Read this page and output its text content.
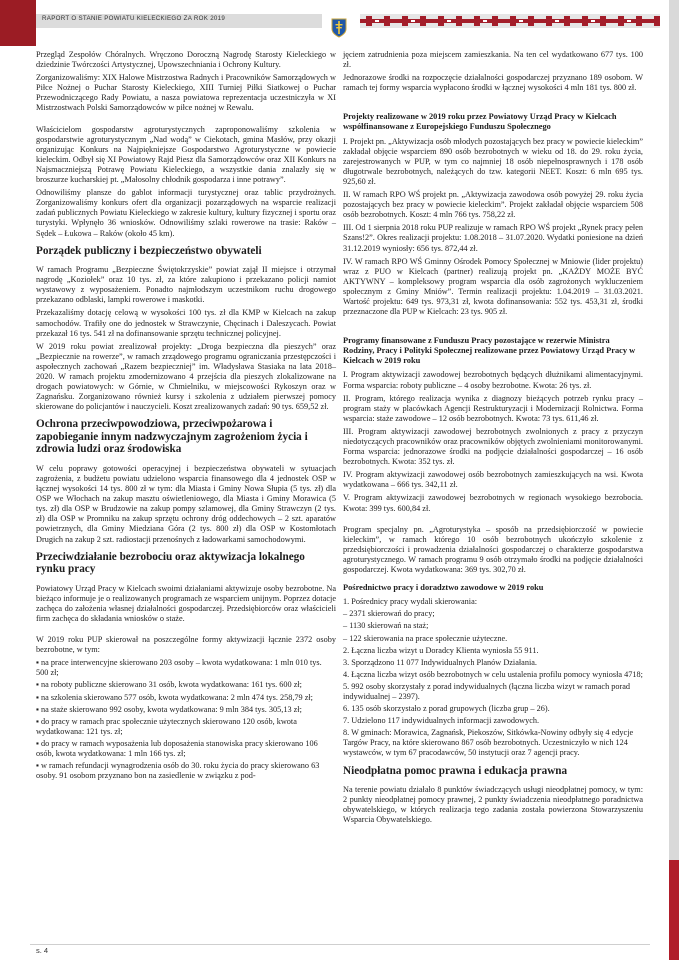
RAPORT O STANIE POWIATU KIELECKIEGO ZA ROK 2019

Przegląd Zespołów Chóralnych. Wręczono Doroczną Nagrodę Starosty Kieleckiego w dziedzinie Twórczości Artystycznej, Upowszechniania i Ochrony Kultury.

Zorganizowaliśmy: XIX Halowe Mistrzostwa Radnych i Pracowników Samorządowych w Piłce Nożnej o Puchar Starosty Kieleckiego, XIII Turniej Piłki Siatkowej o Puchar Przewodniczącego Rady Powiatu, a nasza powiatowa reprezentacja uczestniczyła w XI Mistrzostwach Polski Samorządowców w piłce nożnej w Rewalu.

Właścicielom gospodarstw agroturystycznych zaproponowaliśmy szkolenia w gospodarstwie agroturystycznym „Nad wodą” w Ciekotach, gmina Masłów, przy okazji organizując Konkurs na Najpiękniejsze Gospodarstwo Agroturystyczne w powiecie kieleckim. Odbył się XI Powiatowy Rajd Piesz dla Samorządowców oraz XII Konkurs na Najsmaczniejszą Potrawę Powiatu Kieleckiego, a wszystkie dania znalazły się w broszurze kucharskiej pt. „Małosolny chłodnik gospodarza i inne potrawy”.

Odnowiliśmy plansze do gablot informacji turystycznej oraz tablic przydrożnych. Zorganizowaliśmy konkurs ofert dla organizacji pozarządowych na wsparcie realizacji zadań publicznych Powiatu Kieleckiego w zakresie kultury, kultury fizycznej i sportu oraz turystyki. Wpłynęło 36 wniosków. Odnowiliśmy szlaki rowerowe na trasie: Raków – Sędek – Łukowa – Raków (około 45 km).

Porządek publiczny i bezpieczeństwo obywateli

W ramach Programu „Bezpieczne Świętokrzyskie” powiat zajął II miejsce i otrzymał nagrodę „Koziołek” oraz 10 tys. zł, za które zakupiono i przekazano policji namiot wystawowy z wyposażeniem. Ponadto najmłodszym uczestnikom ruchu drogowego przekazano odblaski, lampki rowerowe i maskotki.

Przekazaliśmy dotację celową w wysokości 100 tys. zł dla KMP w Kielcach na zakup samochodów. Trafiły one do jednostek w Strawczynie, Chęcinach i Daleszycach. Powiat przekazał 16 tys. 541 zł na dofinansowanie sprzętu technicznej policyjnej.

W 2019 roku powiat zrealizował projekty: „Droga bezpieczna dla pieszych” oraz „Bezpiecznie na rowerze”, w ramach zrządowego programu ograniczania przestępczości i aspołecznych zachowań „Razem bezpieczniej” im. Władysława Stasiaka na lata 2018–2020. W ramach projektu zmodernizowano 4 przejścia dla pieszych zlokalizowane na drogach powiatowych: w Górnie, w Chmielniku, w miejscowości Rykoszyn oraz w Zagnańsku. Zorganizowano również kursy i szkolenia z udziałem pierwszej pomocy skierowane do policjantów i nauczycieli. Koszt zrealizowanych zadań: 90 tys. 659,52 zł.

Ochrona przeciwpowodziowa, przeciwpożarowa i zapobieganie innym nadzwyczajnym zagrożeniom życia i zdrowia ludzi oraz środowiska

W celu poprawy gotowości operacyjnej i bezpieczeństwa obywateli w sytuacjach zagrożenia, z budżetu powiatu udzielono wsparcia finansowego dla 4 jednostek OSP w łącznej wysokości 14 tys. 800 zł w tym: dla Miasta i Gminy Nowa Słupia (5 tys. zł) dla OSP we Włochach na zakup masztu oświetleniowego, dla Miasta i Gminy Morawica (5 tys. zł) dla OSP w Brudzowie na zakup pompy szlamowej, dla Gminy Strawczyn (2 tys. zł) dla OSP w Promniku na zakup sprzętu ochrony dróg oddechowych – 2 szt. aparatów powietrznych, dla Gminy Miedziana Góra (2 tys. 800 zł) dla OSP w Kostomłotach Drugich na zakup 2 szt. radiostacji przenośnych z ładowarkami samochodowymi.

Przeciwdziałanie bezrobociu oraz aktywizacja lokalnego rynku pracy

Powiatowy Urząd Pracy w Kielcach swoimi działaniami aktywizuje osoby bezrobotne. Na bieżąco informuje je o realizowanych programach ze wsparciem unijnym. Poprzez dotacje zachęca do założenia własnej działalności gospodarczej. Przedsiębiorców oraz właścicieli firm zachęca do składania wniosków o staże.

W 2019 roku PUP skierował na poszczególne formy aktywizacji łącznie 2372 osoby bezrobotne, w tym:

▪ na prace interwencyjne skierowano 203 osoby – kwota wydatkowana: 1 mln 010 tys. 500 zł;
▪ na roboty publiczne skierowano 31 osób, kwota wydatkowana: 161 tys. 600 zł;
▪ na szkolenia skierowano 577 osób, kwota wydatkowana: 2 mln 474 tys. 258,79 zł;
▪ na staże skierowano 992 osoby, kwota wydatkowana: 9 mln 384 tys. 305,13 zł;
▪ do pracy w ramach prac społecznie użytecznych skierowano 120 osób, kwota wydatkowana: 121 tys. zł;
▪ do pracy w ramach wyposażenia lub doposażenia stanowiska pracy skierowano 106 osób, kwota wydatkowana: 1 mln 166 tys. zł;
▪ w ramach refundacji wynagrodzenia osób do 30. roku życia do pracy skierowano 63 osoby. 91 osobom przyznano bon na zasiedlenie w związku z pod-

jęciem zatrudnienia poza miejscem zamieszkania. Na ten cel wydatkowano 677 tys. 100 zł.

Jednorazowe środki na rozpoczęcie działalności gospodarczej przyznano 189 osobom. W ramach tej formy wsparcia wypłacono środki w łącznej wysokości 4 mln 181 tys. 800 zł.

Projekty realizowane w 2019 roku przez Powiatowy Urząd Pracy w Kielcach współfinansowane z Europejskiego Funduszu Społecznego

I. Projekt pn. „Aktywizacja osób młodych pozostających bez pracy w powiecie kieleckim” zakładał objęcie wsparciem 890 osób bezrobotnych w wieku od 18. do 29. roku życia, zarejestrowanych w PUP, w tym co najmniej 18 osób niepełnosprawnych i 178 osób długotrwale bezrobotnych, należących do tzw. kategorii NEET. Koszt: 6 mln 695 tys. 925,60 zł.

II. W ramach RPO WŚ projekt pn. „Aktywizacja zawodowa osób powyżej 29. roku życia pozostających bez pracy w powiecie kieleckim”. Projekt zakładał objęcie wsparciem 508 osób bezrobotnych. Koszt: 4 mln 766 tys. 758,22 zł.

III. Od 1 sierpnia 2018 roku PUP realizuje w ramach RPO WŚ projekt „Rynek pracy pełen Szans!2”. Okres realizacji projektu: 1.08.2018 – 31.07.2020. Wydatki poniesione na dzień 31.12.2019 wyniosły: 656 tys. 872,44 zł.

IV. W ramach RPO WŚ Gminny Ośrodek Pomocy Społecznej w Mniowie (lider projektu) wraz z PUO w Kielcach (partner) realizują projekt pn. „KAŻDY MOŻE BYĆ AKTYWNY – kompleksowy program wsparcia dla osób zagrożonych wykluczeniem społecznym z Gminy Mniów”. Termin realizacji projektu: 1.04.2019 – 31.03.2021. Wartość projektu: 649 tys. 973,31 zł, kwota dofinansowania: 552 tys. 453,31 zł, środki przeznaczone dla PUP w Kielcach: 23 tys. 905 zł.

Programy finansowane z Funduszu Pracy pozostające w rezerwie Ministra Rodziny, Pracy i Polityki Społecznej realizowane przez Powiatowy Urząd Pracy w Kielcach w 2019 roku

I. Program aktywizacji zawodowej bezrobotnych będących dłużnikami alimentacyjnymi. Forma wsparcia: roboty publiczne – 4 osoby bezrobotne. Kwota: 26 tys. zł.

II. Program, którego realizacja wynika z diagnozy bieżących potrzeb rynku pracy – program staży w placówkach Agencji Restrukturyzacji i Modernizacji Rolnictwa. Forma wsparcia: staże zawodowe – 12 osób bezrobotnych. Kwota: 73 tys. 611,46 zł.

III. Program aktywizacji zawodowej bezrobotnych zwolnionych z pracy z przyczyn niedotyczących pracowników oraz pracowników objętych zwolnieniami monitorowanymi. Forma wsparcia: jednorazowe środki na podjęcie działalności gospodarczej – 16 osób bezrobotnych. Kwota: 352 tys. zł.

IV. Program aktywizacji zawodowej osób bezrobotnych zamieszkujących na wsi. Kwota wydatkowana – 666 tys. 342,11 zł.

V. Program aktywizacji zawodowej bezrobotnych w regionach wysokiego bezrobocia. Kwota: 399 tys. 600,84 zł.

Program specjalny pn. „Agroturystyka – sposób na przedsiębiorczość w powiecie kieleckim”, w ramach którego 10 osób bezrobotnych ukończyło szkolenie z przedsiębiorczości i prowadzenia działalności gospodarczej o charakterze gospodarstwa agroturystycznego. W ramach programu 9 osób otrzymało środki na podjęcie działalności gospodarczej. Kwota wydatkowana: 369 tys. 302,70 zł.

Pośrednictwo pracy i doradztwo zawodowe w 2019 roku
1. Pośrednicy pracy wydali skierowania:
– 2371 skierowań do pracy;
– 1130 skierowań na staż;
– 122 skierowania na prace społecznie użyteczne.
2. Łączna liczba wizyt u Doradcy Klienta wyniosła 55 911.
3. Sporządzono 11 077 Indywidualnych Planów Działania.
4. Łączna liczba wizyt osób bezrobotnych w celu ustalenia profilu pomocy wyniosła 4718;
5. 992 osoby skorzystały z porad indywidualnych (łączna liczba wizyt w ramach porad indywidualnej – 2397).
6. 135 osób skorzystało z porad grupowych (liczba grup – 26).
7. Udzielono 117 indywidualnych informacji zawodowych.
8. W gminach: Morawica, Zagnańsk, Piekoszów, Sitkówka-Nowiny odbyły się 4 edycje Targów Pracy, na które skierowano 867 osób bezrobotnych. Uczestniczyło w nich 124 wystawców, w tym 67 pracodawców, 50 instytucji oraz 7 agencji pracy.
Nieodpłatna pomoc prawna i edukacja prawna

Na terenie powiatu działało 8 punktów świadczących usługi nieodpłatnej pomocy, w tym: 2 punkty nieodpłatnej pomocy prawnej, 2 punkty świadczenia nieodpłatnego poradnictwa obywatelskiego, w których realizacja tego zadania została powierzona Stowarzyszeniu Wsparcia Obywatelskiego.

s. 4
